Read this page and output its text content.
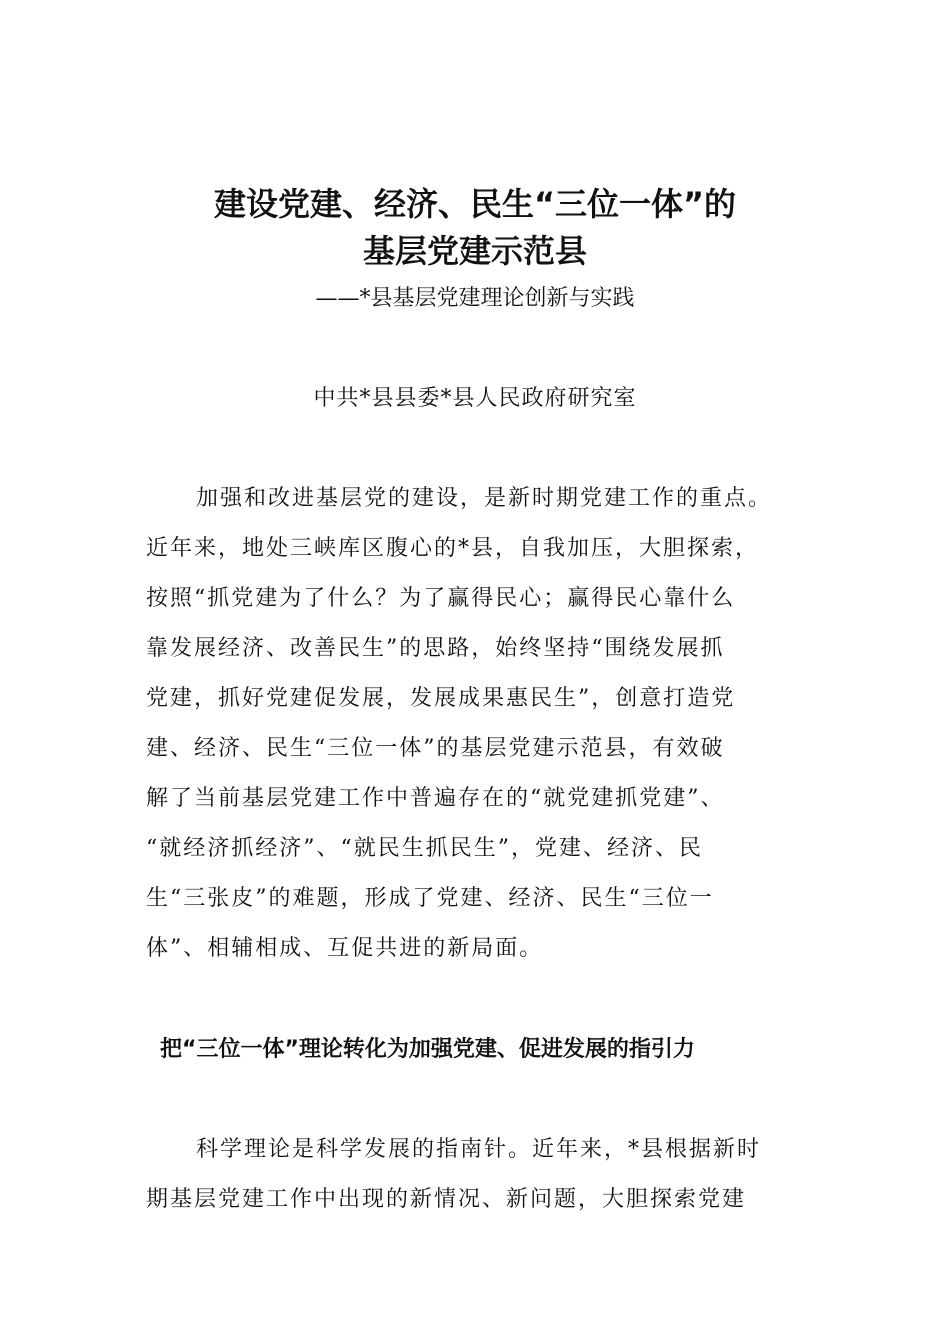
建设党建、经济、民生“三位一体”的
基层党建示范县

——*县基层党建理论创新与实践

中共*县县委*县人民政府研究室

加强和改进基层党的建设，是新时期党建工作的重点。

近年来，地处三峡库区腹心的*县，自我加压，大胆探索，

按照“抓党建为了什么？为了赢得民心；赢得民心靠什么

靠发展经济、改善民生”的思路，始终坚持“围绕发展抓

党建，抓好党建促发展，发展成果惠民生”，创意打造党

建、经济、民生“三位一体”的基层党建示范县，有效破

解了当前基层党建工作中普遍存在的“就党建抓党建”、

“就经济抓经济”、“就民生抓民生”，党建、经济、民

生“三张皮”的难题，形成了党建、经济、民生“三位一

体”、相辅相成、互促共进的新局面。

把“三位一体”理论转化为加强党建、促进发展的指引力

科学理论是科学发展的指南针。近年来，*县根据新时

期基层党建工作中出现的新情况、新问题，大胆探索党建
